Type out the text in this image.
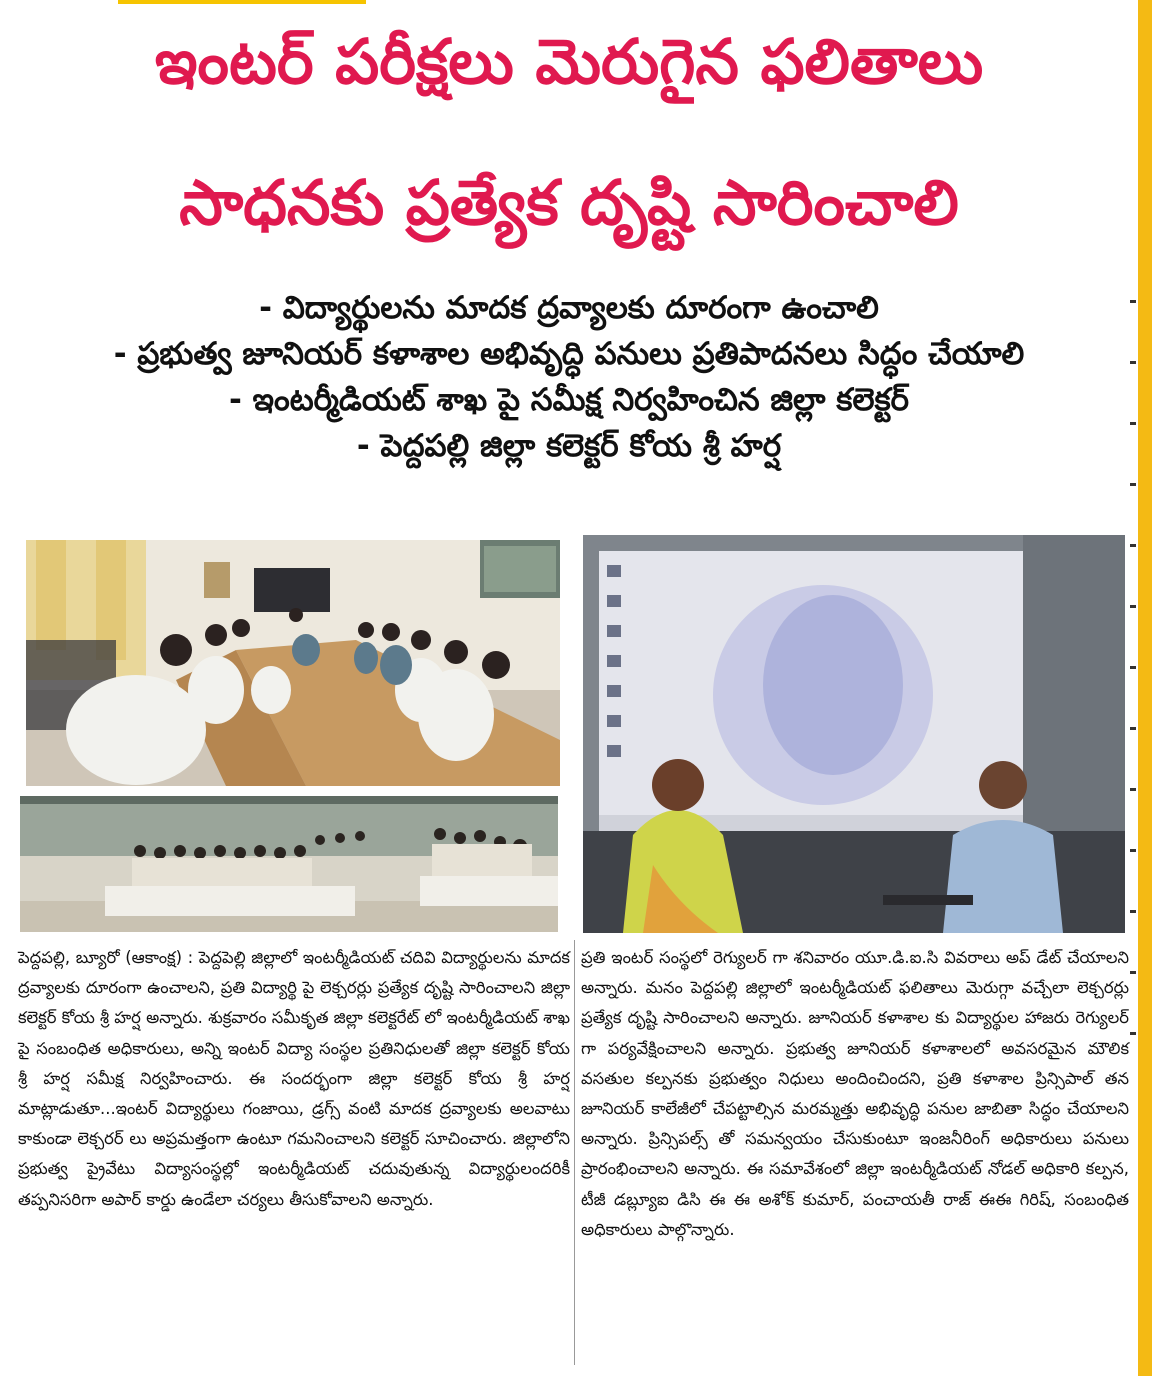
ఇంటర్ పరీక్షలు మెరుగైన ఫలితాలు
సాధనకు ప్రత్యేక దృష్టి సారించాలి
- విద్యార్థులను మాదక ద్రవ్యాలకు దూరంగా ఉంచాలి
- ప్రభుత్వ జూనియర్ కళాశాల అభివృద్ధి పనులు ప్రతిపాదనలు సిద్ధం చేయాలి
- ఇంటర్మీడియట్ శాఖ పై సమీక్ష నిర్వహించిన జిల్లా కలెక్టర్
- పెద్దపల్లి జిల్లా కలెక్టర్ కోయ శ్రీ హర్ష

పెద్దపల్లి, బ్యూరో (ఆకాంక్ష) : పెద్దపెల్లి జిల్లాలో ఇంటర్మీడియట్ చదివి విద్యార్థులను మాదక ద్రవ్యాలకు దూరంగా ఉంచాలని, ప్రతి విద్యార్థి పై లెక్చరర్లు ప్రత్యేక దృష్టి సారించాలని జిల్లా కలెక్టర్ కోయ శ్రీ హర్ష అన్నారు. శుక్రవారం సమీకృత జిల్లా కలెక్టరేట్ లో ఇంటర్మీడియట్ శాఖ పై సంబంధిత అధికారులు, అన్ని ఇంటర్ విద్యా సంస్థల ప్రతినిధులతో జిల్లా కలెక్టర్ కోయ శ్రీ హర్ష సమీక్ష నిర్వహించారు. ఈ సందర్భంగా జిల్లా కలెక్టర్ కోయ శ్రీ హర్ష మాట్లాడుతూ...ఇంటర్ విద్యార్థులు గంజాయి, డ్రగ్స్ వంటి మాదక ద్రవ్యాలకు అలవాటు కాకుండా లెక్చరర్ లు అప్రమత్తంగా ఉంటూ గమనించాలని కలెక్టర్ సూచించారు. జిల్లాలోని ప్రభుత్వ ప్రైవేటు విద్యాసంస్థల్లో ఇంటర్మీడియట్ చదువుతున్న విద్యార్థులందరికీ తప్పనిసరిగా అపార్ కార్డు ఉండేలా చర్యలు తీసుకోవాలని అన్నారు.

ప్రతి ఇంటర్ సంస్థలో రెగ్యులర్ గా శనివారం యూ.డి.ఐ.సి వివరాలు అప్ డేట్ చేయాలని అన్నారు. మనం పెద్దపల్లి జిల్లాలో ఇంటర్మీడియట్ ఫలితాలు మెరుగ్గా వచ్చేలా లెక్చరర్లు ప్రత్యేక దృష్టి సారించాలని అన్నారు. జూనియర్ కళాశాల కు విద్యార్థుల హాజరు రెగ్యులర్ గా పర్యవేక్షించాలని అన్నారు. ప్రభుత్వ జూనియర్ కళాశాలలో అవసరమైన మౌలిక వసతుల కల్పనకు ప్రభుత్వం నిధులు అందించిందని, ప్రతి కళాశాల ప్రిన్సిపాల్ తన జూనియర్ కాలేజీలో చేపట్టాల్సిన మరమ్మత్తు అభివృద్ధి పనుల జాబితా సిద్ధం చేయాలని అన్నారు. ప్రిన్సిపల్స్ తో సమన్వయం చేసుకుంటూ ఇంజనీరింగ్ అధికారులు పనులు ప్రారంభించాలని అన్నారు. ఈ సమావేశంలో జిల్లా ఇంటర్మీడియట్ నోడల్ అధికారి కల్పన, టీజీ డబ్ల్యూఐ డిసి ఈ ఈ అశోక్ కుమార్, పంచాయతీ రాజ్ ఈఈ గిరిష్, సంబంధిత అధికారులు పాల్గొన్నారు.
